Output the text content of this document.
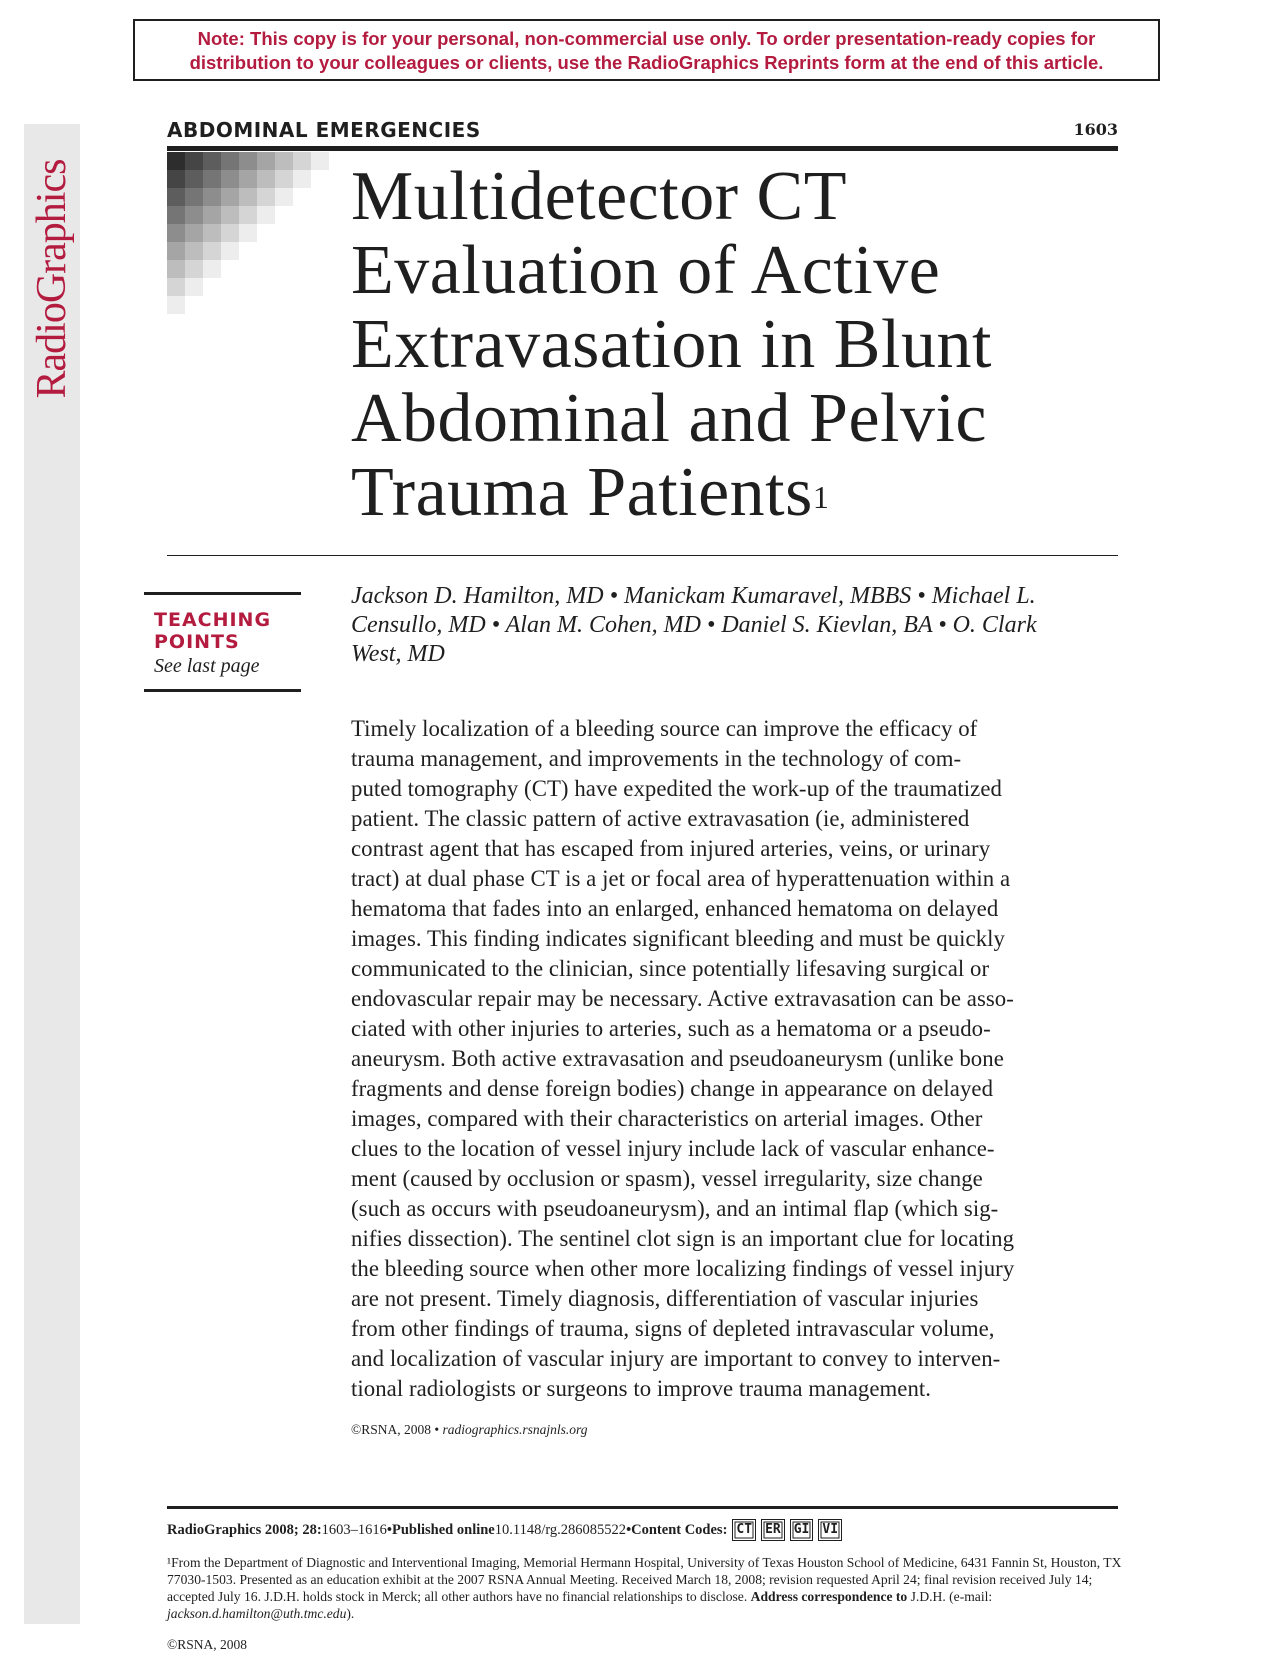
Note: This copy is for your personal, non-commercial use only. To order presentation-ready copies for
distribution to your colleagues or clients, use the RadioGraphics Reprints form at the end of this article.
RadioGraphics
ABDOMINAL EMERGENCIES	1603
Multidetector CT
Evaluation of Active
Extravasation in Blunt
Abdominal and Pelvic
Trauma Patients$^1$
TEACHING
POINTS
See last page
Jackson D. Hamilton, MD • Manickam Kumaravel, MBBS • Michael L.
Censullo, MD • Alan M. Cohen, MD • Daniel S. Kievlan, BA • O. Clark
West, MD

Timely localization of a bleeding source can improve the efficacy of

trauma management, and improvements in the technology of com-

puted tomography (CT) have expedited the work-up of the traumatized

patient. The classic pattern of active extravasation (ie, administered

contrast agent that has escaped from injured arteries, veins, or urinary

tract) at dual phase CT is a jet or focal area of hyperattenuation within a

hematoma that fades into an enlarged, enhanced hematoma on delayed

images. This finding indicates significant bleeding and must be quickly

communicated to the clinician, since potentially lifesaving surgical or

endovascular repair may be necessary. Active extravasation can be asso-

ciated with other injuries to arteries, such as a hematoma or a pseudo-

aneurysm. Both active extravasation and pseudoaneurysm (unlike bone

fragments and dense foreign bodies) change in appearance on delayed

images, compared with their characteristics on arterial images. Other

clues to the location of vessel injury include lack of vascular enhance-

ment (caused by occlusion or spasm), vessel irregularity, size change

(such as occurs with pseudoaneurysm), and an intimal flap (which sig-

nifies dissection). The sentinel clot sign is an important clue for locating

the bleeding source when other more localizing findings of vessel injury

are not present. Timely diagnosis, differentiation of vascular injuries

from other findings of trauma, signs of depleted intravascular volume,

and localization of vascular injury are important to convey to interven-

tional radiologists or surgeons to improve trauma management.

©RSNA, 2008 • radiographics.rsnajnls.org
RadioGraphics 2008; 28: 1603–1616 • Published online 10.1148/rg.286085522 • Content Codes: CT	ER	GI	VI
¹From the Department of Diagnostic and Interventional Imaging, Memorial Hermann Hospital, University of Texas Houston School of Medicine, 6431 Fannin St, Houston, TX 77030-1503. Presented as an education exhibit at the 2007 RSNA Annual Meeting. Received March 18, 2008; revision requested April 24; final revision received July 14; accepted July 16. J.D.H. holds stock in Merck; all other authors have no financial relationships to disclose. Address correspondence to J.D.H. (e-mail: jackson.d.hamilton@uth.tmc.edu).
©RSNA, 2008
